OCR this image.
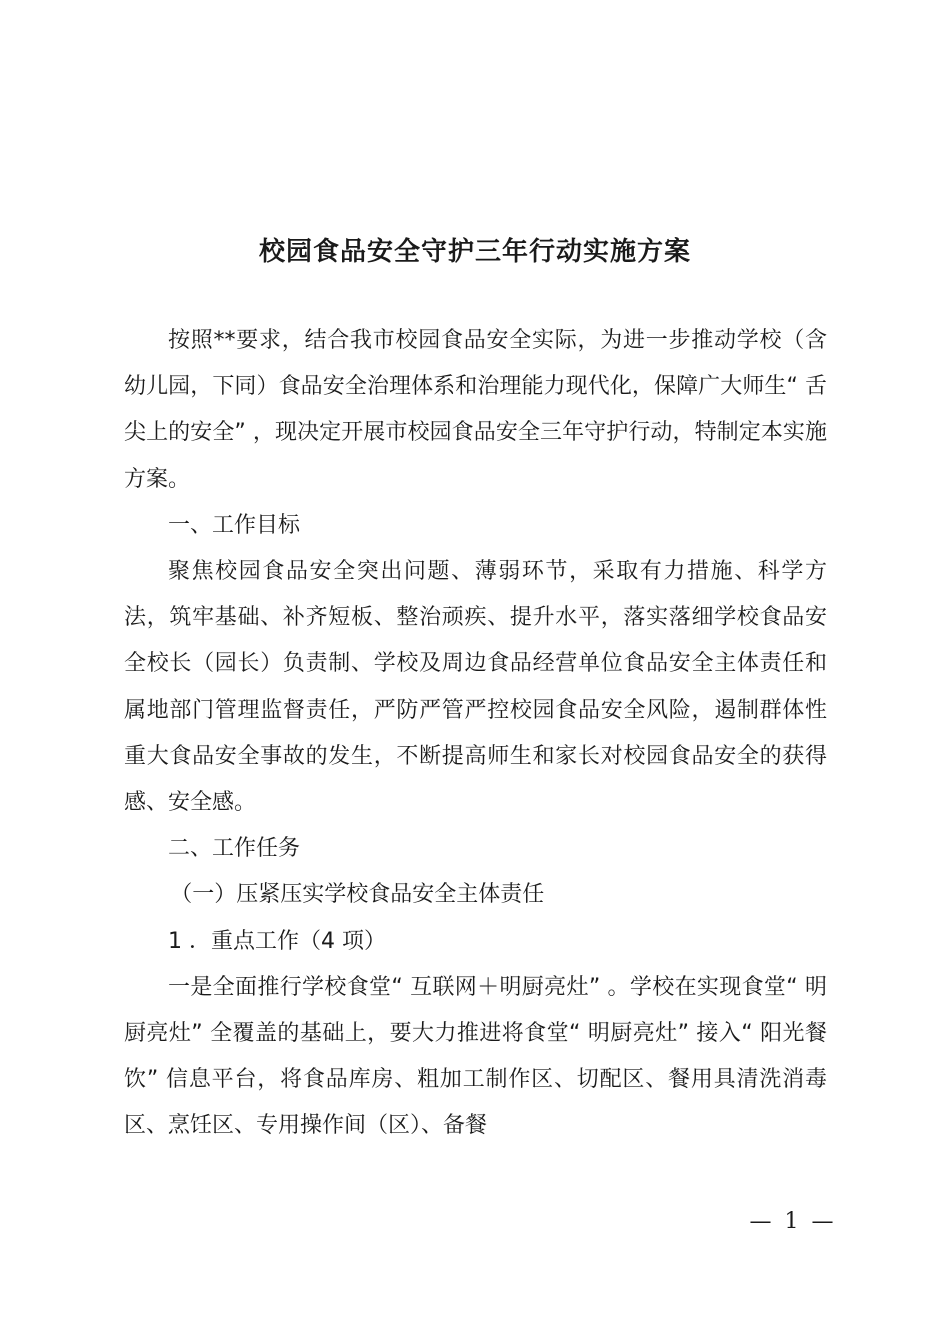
校园食品安全守护三年行动实施方案

按照**要求，结合我市校园食品安全实际，为进一步推动学校（含幼儿园，下同）食品安全治理体系和治理能力现代化，保障广大师生“ 舌尖上的安全” ，现决定开展市校园食品安全三年守护行动，特制定本实施方案。

一、工作目标

聚焦校园食品安全突出问题、薄弱环节，采取有力措施、科学方法，筑牢基础、补齐短板、整治顽疾、提升水平，落实落细学校食品安全校长（园长）负责制、学校及周边食品经营单位食品安全主体责任和属地部门管理监督责任，严防严管严控校园食品安全风险，遏制群体性重大食品安全事故的发生，不断提高师生和家长对校园食品安全的获得感、安全感。

二、工作任务

（一）压紧压实学校食品安全主体责任

1 ．重点工作（4 项）

一是全面推行学校食堂“ 互联网＋明厨亮灶” 。学校在实现食堂“ 明厨亮灶” 全覆盖的基础上，要大力推进将食堂“ 明厨亮灶” 接入“ 阳光餐饮” 信息平台，将食品库房、粗加工制作区、切配区、餐用具清洗消毒区、烹饪区、专用操作间（区）、备餐

— 1 —
